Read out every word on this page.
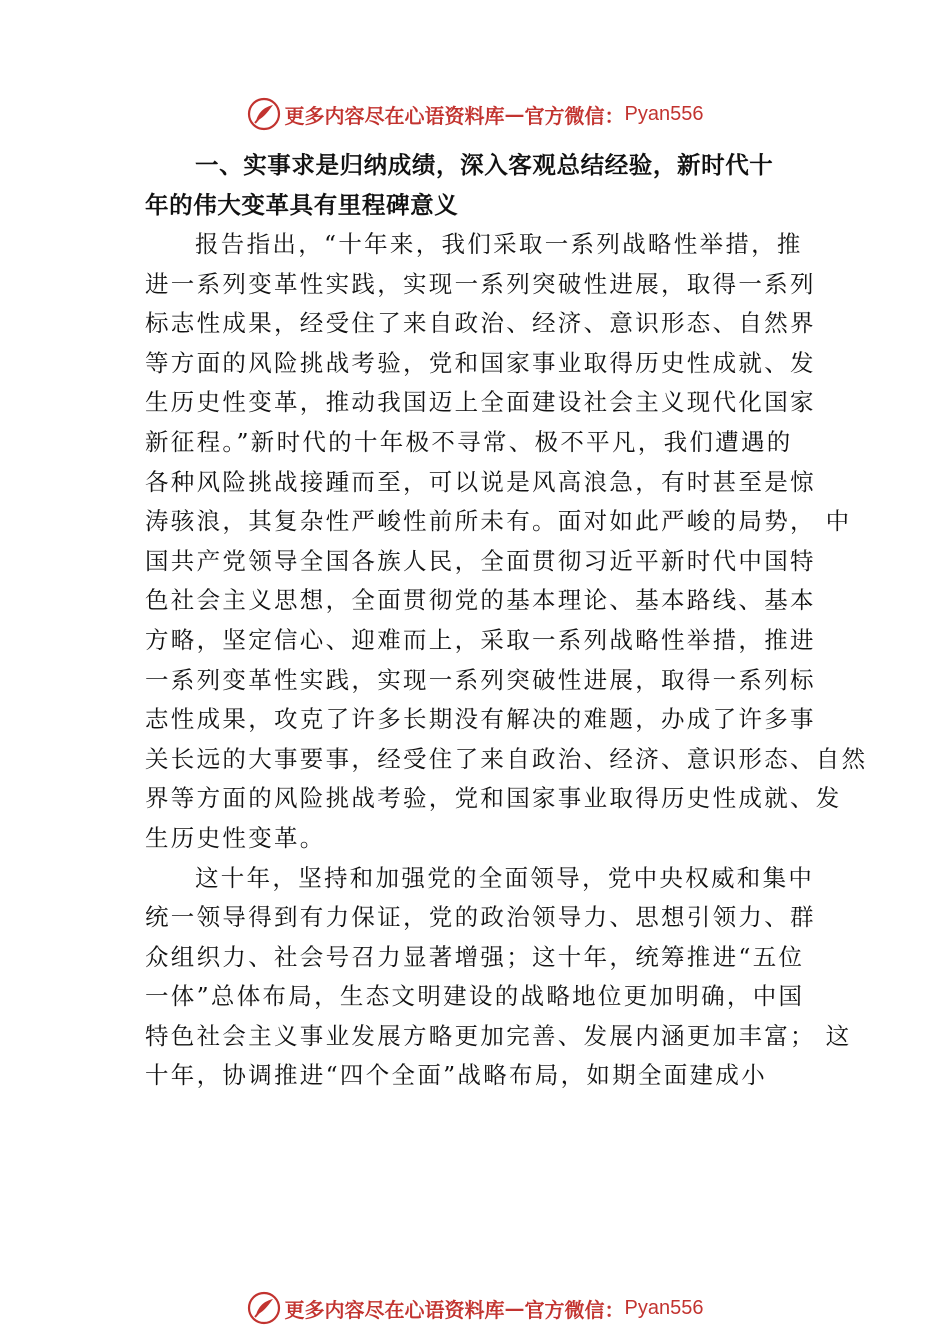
更多内容尽在心语资料库 — 官方微信： Pyan556
一、实事求是归纳成绩，深入客观总结经验，新时代十
年的伟大变革具有里程碑意义
报告指出，“十年来，我们采取一系列战略性举措，推
进一系列变革性实践，实现一系列突破性进展，取得一系列
标志性成果，经受住了来自政治、经济、意识形态、自然界
等方面的风险挑战考验，党和国家事业取得历史性成就、发
生历史性变革，推动我国迈上全面建设社会主义现代化国家
新征程。”新时代的十年极不寻常、极不平凡，我们遭遇的
各种风险挑战接踵而至，可以说是风高浪急，有时甚至是惊
涛骇浪，其复杂性严峻性前所未有。面对如此严峻的局势， 中
国共产党领导全国各族人民，全面贯彻习近平新时代中国特
色社会主义思想，全面贯彻党的基本理论、基本路线、基本
方略，坚定信心、迎难而上，采取一系列战略性举措，推进
一系列变革性实践，实现一系列突破性进展，取得一系列标
志性成果，攻克了许多长期没有解决的难题，办成了许多事
关长远的大事要事，经受住了来自政治、经济、意识形态、自然
界等方面的风险挑战考验，党和国家事业取得历史性成就、发
生历史性变革。
这十年，坚持和加强党的全面领导，党中央权威和集中
统一领导得到有力保证，党的政治领导力、思想引领力、群
众组织力、社会号召力显著增强；这十年，统筹推进“五位
一体”总体布局，生态文明建设的战略地位更加明确，中国
特色社会主义事业发展方略更加完善、发展内涵更加丰富； 这
十年，协调推进“四个全面”战略布局，如期全面建成小
更多内容尽在心语资料库 — 官方微信： Pyan556
